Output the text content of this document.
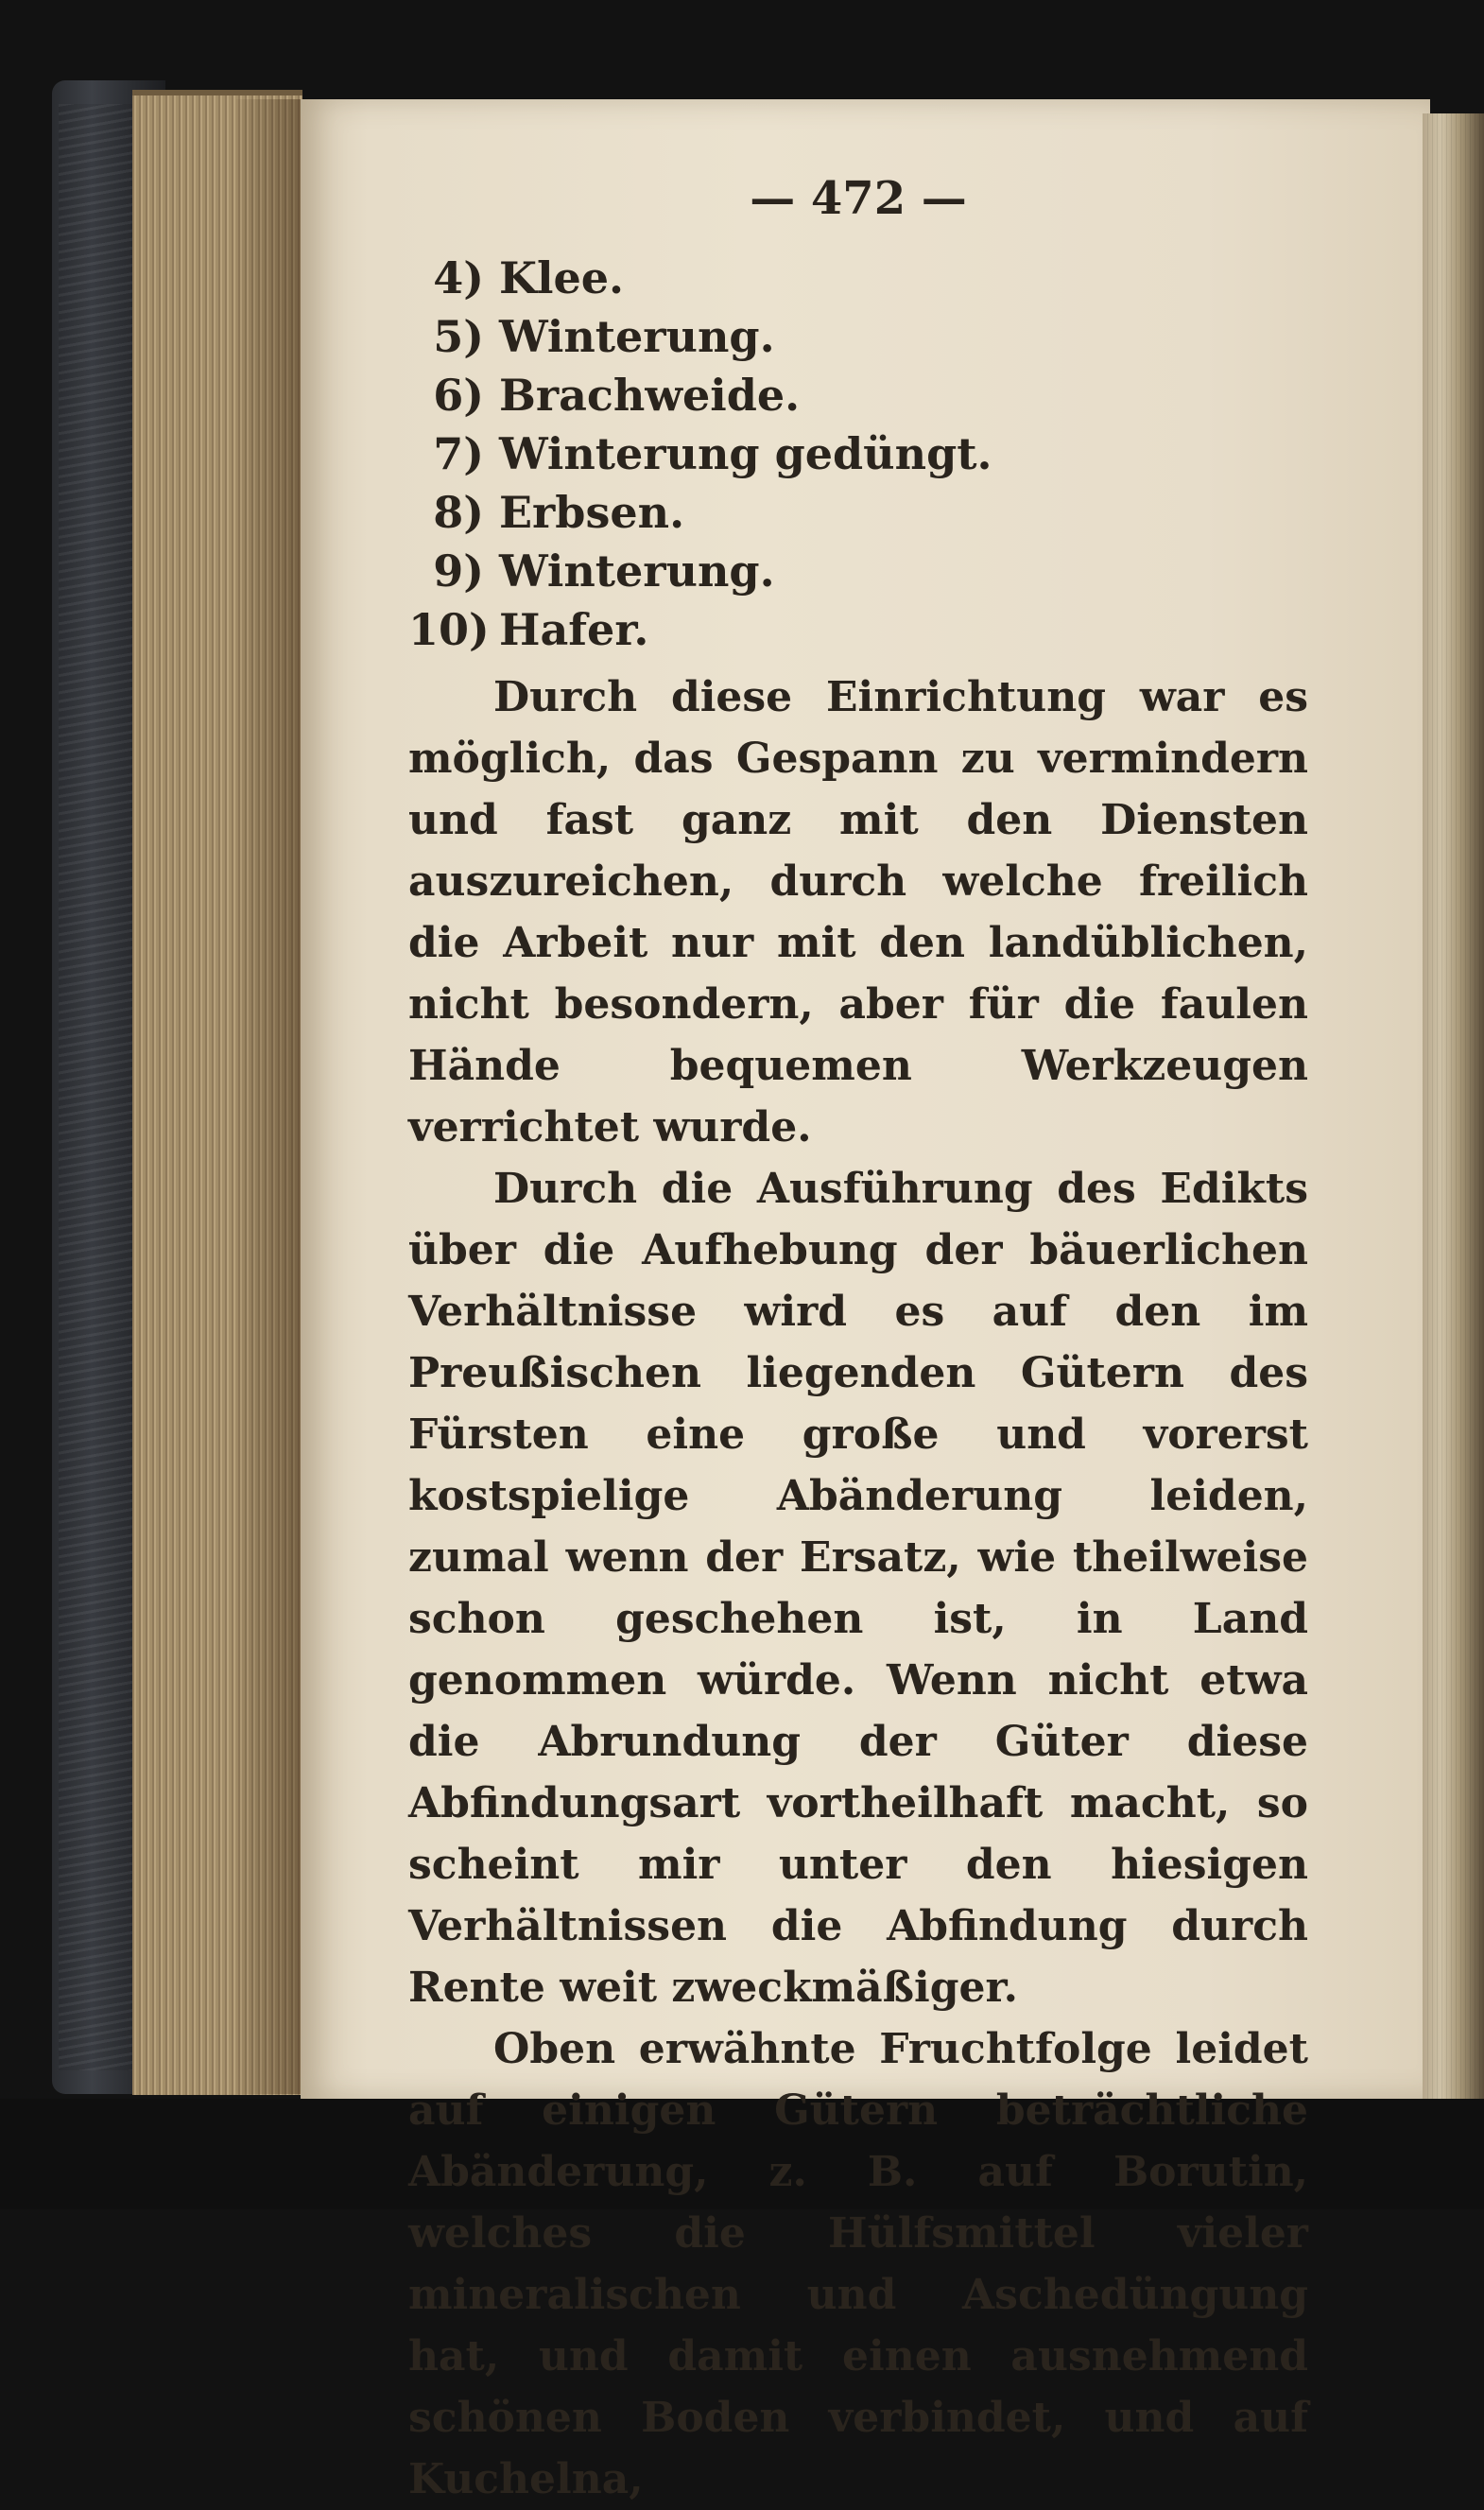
— 472 —
4) Klee.
5) Winterung.
6) Brachweide.
7) Winterung gedüngt.
8) Erbsen.
9) Winterung.
10) Hafer.

Durch diese Einrichtung war es möglich, das Gespann zu vermindern und fast ganz mit den Diensten auszureichen, durch welche freilich die Arbeit nur mit den landüblichen, nicht besondern, aber für die faulen Hände bequemen Werkzeugen verrichtet wurde.

Durch die Ausführung des Edikts über die Aufhebung der bäuerlichen Verhältnisse wird es auf den im Preußischen liegenden Gütern des Fürsten eine große und vorerst kostspielige Abänderung leiden, zumal wenn der Ersatz, wie theilweise schon geschehen ist, in Land genommen würde. Wenn nicht etwa die Abrundung der Güter diese Abfindungsart vortheilhaft macht, so scheint mir unter den hiesigen Verhältnissen die Abfindung durch Rente weit zweckmäßiger.

Oben erwähnte Fruchtfolge leidet auf einigen Gütern beträchtliche Abänderung, z. B. auf Borutin, welches die Hülfsmittel vieler mineralischen und Aschedüngung hat, und damit einen ausnehmend schönen Boden verbindet, und auf Kuchelna,
